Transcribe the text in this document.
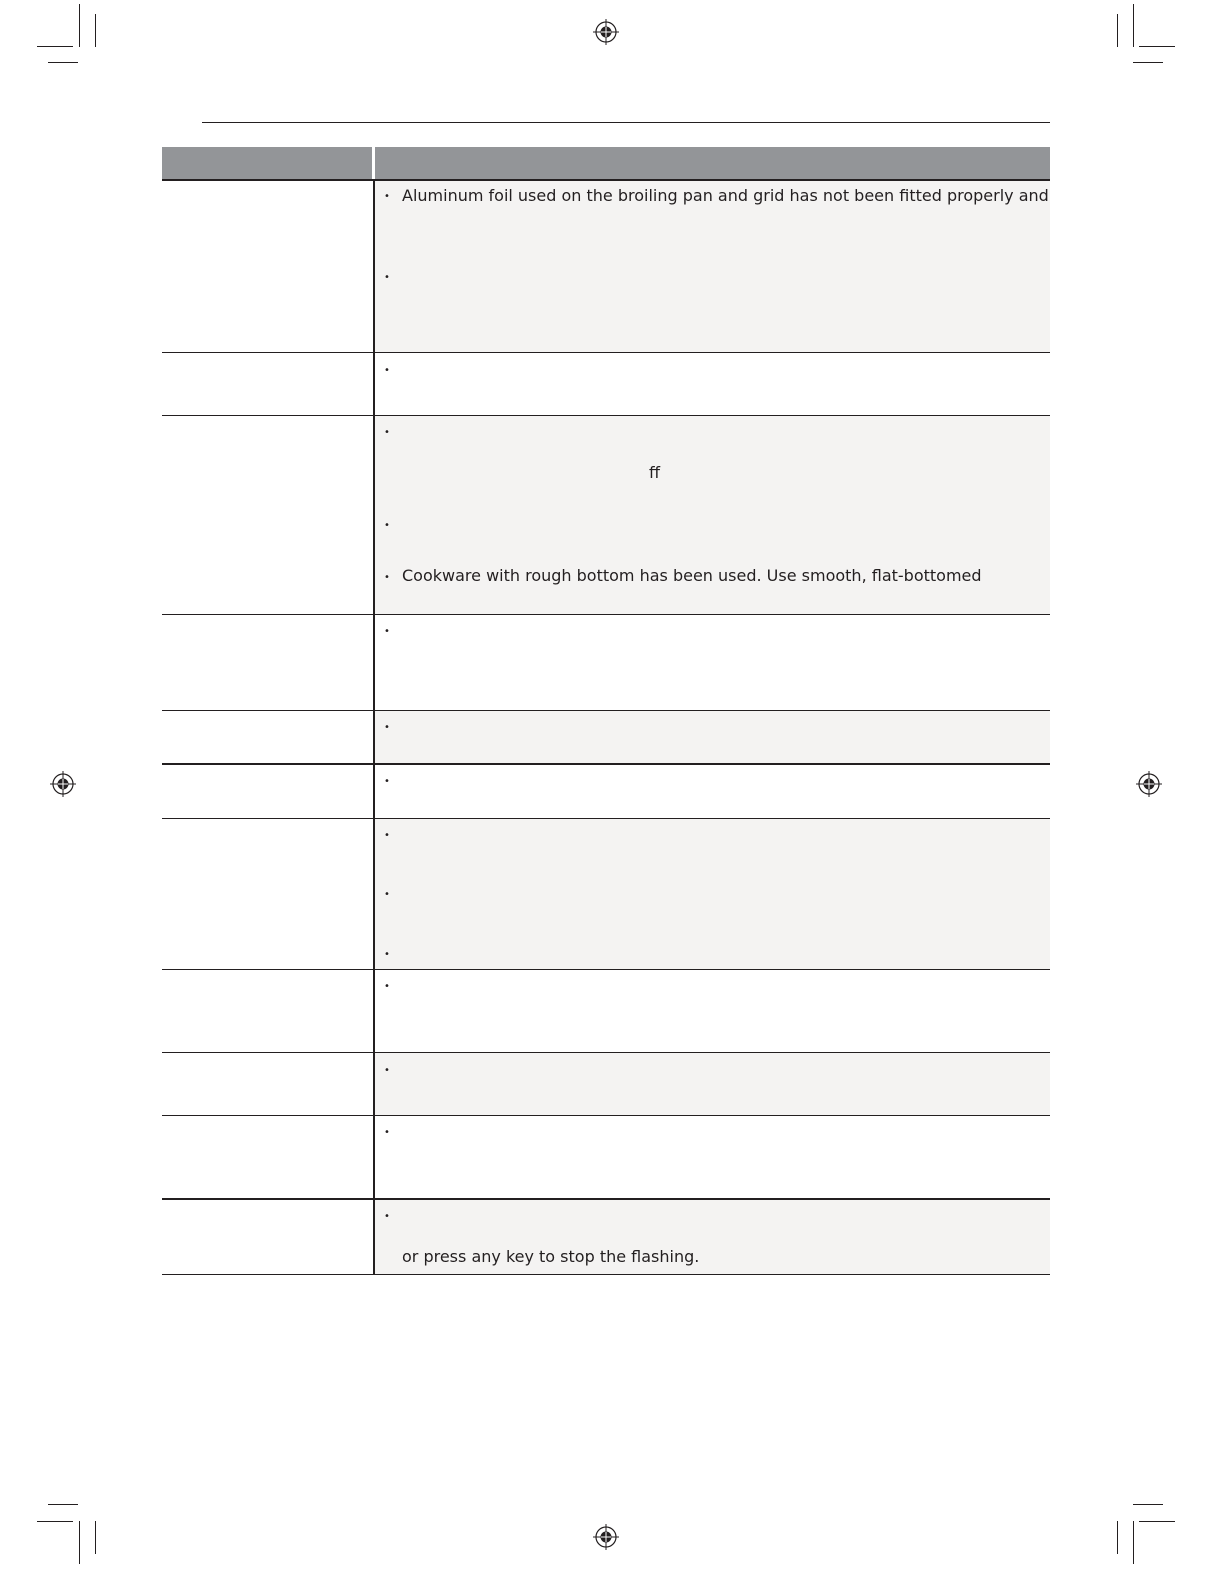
•
•
•
•
•
•
•
•
•
•
•
•
•
•
•
•
Aluminum foil used on the broiling pan and grid has not been fitted properly and
ff
Cookware with rough bottom has been used. Use smooth, flat-bottomed
or press any key to stop the flashing.
